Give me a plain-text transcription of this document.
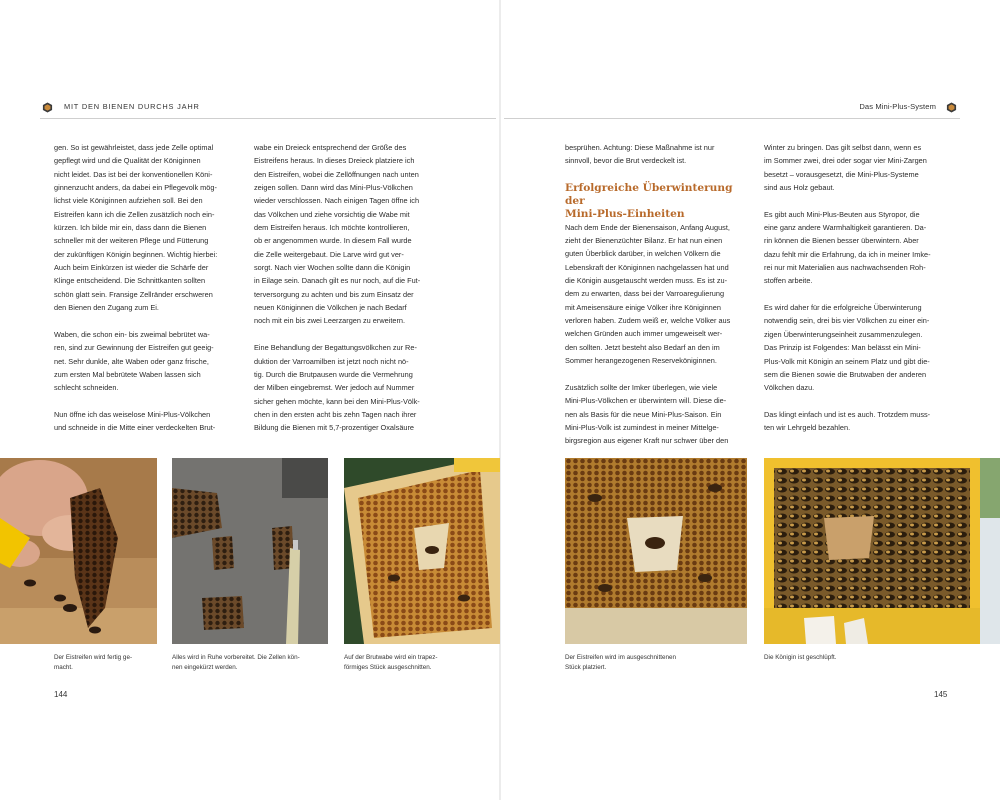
MIT DEN BIENEN DURCHS JAHR	Das Mini-Plus-System

gen. So ist gewährleistet, dass jede Zelle optimal
gepflegt wird und die Qualität der Königinnen
nicht leidet. Das ist bei der konventionellen Köni-
ginnenzucht anders, da dabei ein Pflegevolk mög-
lichst viele Königinnen aufziehen soll. Bei den
Eistreifen kann ich die Zellen zusätzlich noch ein-
kürzen. Ich bilde mir ein, dass dann die Bienen
schneller mit der weiteren Pflege und Fütterung
der zukünftigen Königin beginnen. Wichtig hierbei:
Auch beim Einkürzen ist wieder die Schärfe der
Klinge entscheidend. Die Schnittkanten sollten
schön glatt sein. Fransige Zellränder erschweren
den Bienen den Zugang zum Ei.

Waben, die schon ein- bis zweimal bebrütet wa-
ren, sind zur Gewinnung der Eistreifen gut geeig-
net. Sehr dunkle, alte Waben oder ganz frische,
zum ersten Mal bebrütete Waben lassen sich
schlecht schneiden.

Nun öffne ich das weiselose Mini-Plus-Völkchen
und schneide in die Mitte einer verdeckelten Brut-

wabe ein Dreieck entsprechend der Größe des
Eistreifens heraus. In dieses Dreieck platziere ich
den Eistreifen, wobei die Zellöffnungen nach unten
zeigen sollen. Dann wird das Mini-Plus-Völkchen
wieder verschlossen. Nach einigen Tagen öffne ich
das Völkchen und ziehe vorsichtig die Wabe mit
dem Eistreifen heraus. Ich möchte kontrollieren,
ob er angenommen wurde. In diesem Fall wurde
die Zelle weitergebaut. Die Larve wird gut ver-
sorgt. Nach vier Wochen sollte dann die Königin
in Eilage sein. Danach gilt es nur noch, auf die Fut-
terversorgung zu achten und bis zum Einsatz der
neuen Königinnen die Völkchen je nach Bedarf
noch mit ein bis zwei Leerzargen zu erweitern.

Eine Behandlung der Begattungsvölkchen zur Re-
duktion der Varroamilben ist jetzt noch nicht nö-
tig. Durch die Brutpausen wurde die Vermehrung
der Milben eingebremst. Wer jedoch auf Nummer
sicher gehen möchte, kann bei den Mini-Plus-Völk-
chen in den ersten acht bis zehn Tagen nach ihrer
Bildung die Bienen mit 5,7-prozentiger Oxalsäure

besprühen. Achtung: Diese Maßnahme ist nur
sinnvoll, bevor die Brut verdeckelt ist.

Erfolgreiche Überwinterung der
Mini-Plus-Einheiten

Nach dem Ende der Bienensaison, Anfang August,
zieht der Bienenzüchter Bilanz. Er hat nun einen
guten Überblick darüber, in welchen Völkern die
Lebenskraft der Königinnen nachgelassen hat und
die Königin ausgetauscht werden muss. Es ist zu-
dem zu erwarten, dass bei der Varroaregulierung
mit Ameisensäure einige Völker ihre Königinnen
verloren haben. Zudem weiß er, welche Völker aus
welchen Gründen auch immer umgeweiselt wer-
den sollten. Jetzt besteht also Bedarf an den im
Sommer herangezogenen Reserveköniginnen.

Zusätzlich sollte der Imker überlegen, wie viele
Mini-Plus-Völkchen er überwintern will. Diese die-
nen als Basis für die neue Mini-Plus-Saison. Ein
Mini-Plus-Volk ist zumindest in meiner Mittelge-
birgsregion aus eigener Kraft nur schwer über den

Winter zu bringen. Das gilt selbst dann, wenn es
im Sommer zwei, drei oder sogar vier Mini-Zargen
besetzt – vorausgesetzt, die Mini-Plus-Systeme
sind aus Holz gebaut.

Es gibt auch Mini-Plus-Beuten aus Styropor, die
eine ganz andere Warmhaltigkeit garantieren. Da-
rin können die Bienen besser überwintern. Aber
dazu fehlt mir die Erfahrung, da ich in meiner Imke-
rei nur mit Materialien aus nachwachsenden Roh-
stoffen arbeite.

Es wird daher für die erfolgreiche Überwinterung
notwendig sein, drei bis vier Völkchen zu einer ein-
zigen Überwinterungseinheit zusammenzulegen.
Das Prinzip ist Folgendes: Man belässt ein Mini-
Plus-Volk mit Königin an seinem Platz und gibt die-
sem die Bienen sowie die Brutwaben der anderen
Völkchen dazu.

Das klingt einfach und ist es auch. Trotzdem muss-
ten wir Lehrgeld bezahlen.

Der Eistreifen wird fertig ge-
macht.
Alles wird in Ruhe vorbereitet. Die Zellen kön-
nen eingekürzt werden.
Auf der Brutwabe wird ein trapez-
förmiges Stück ausgeschnitten.
Der Eistreifen wird im ausgeschnittenen
Stück platziert.
Die Königin ist geschlüpft.
144	145
